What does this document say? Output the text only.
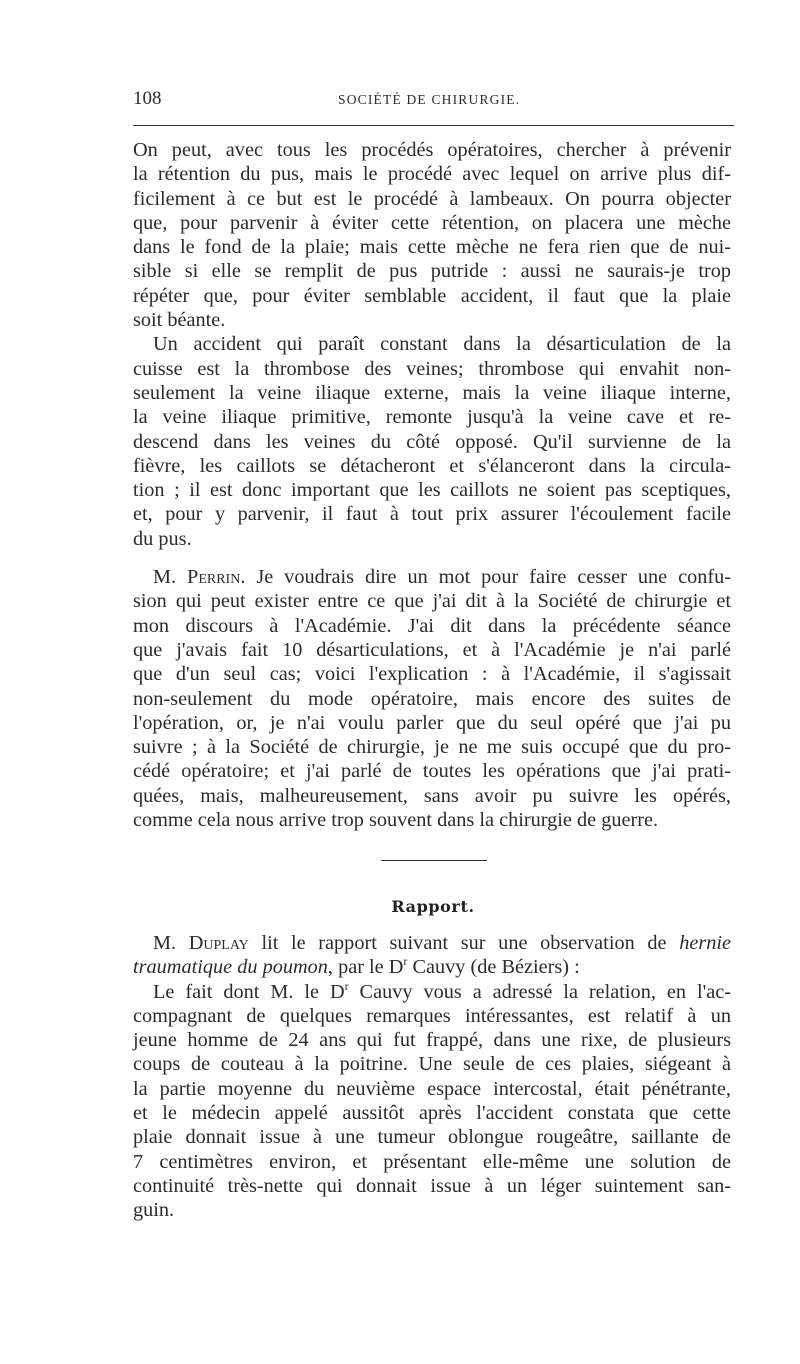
108	SOCIÉTÉ DE CHIRURGIE.
On peut, avec tous les procédés opératoires, chercher à prévenir
la rétention du pus, mais le procédé avec lequel on arrive plus dif-
ficilement à ce but est le procédé à lambeaux. On pourra objecter
que, pour parvenir à éviter cette rétention, on placera une mèche
dans le fond de la plaie; mais cette mèche ne fera rien que de nui-
sible si elle se remplit de pus putride : aussi ne saurais-je trop
répéter que, pour éviter semblable accident, il faut que la plaie
soit béante.
Un accident qui paraît constant dans la désarticulation de la
cuisse est la thrombose des veines; thrombose qui envahit non-
seulement la veine iliaque externe, mais la veine iliaque interne,
la veine iliaque primitive, remonte jusqu'à la veine cave et re-
descend dans les veines du côté opposé. Qu'il survienne de la
fièvre, les caillots se détacheront et s'élanceront dans la circula-
tion ; il est donc important que les caillots ne soient pas sceptiques,
et, pour y parvenir, il faut à tout prix assurer l'écoulement facile
du pus.
M. Perrin. Je voudrais dire un mot pour faire cesser une confu-
sion qui peut exister entre ce que j'ai dit à la Société de chirurgie et
mon discours à l'Académie. J'ai dit dans la précédente séance
que j'avais fait 10 désarticulations, et à l'Académie je n'ai parlé
que d'un seul cas; voici l'explication : à l'Académie, il s'agissait
non-seulement du mode opératoire, mais encore des suites de
l'opération, or, je n'ai voulu parler que du seul opéré que j'ai pu
suivre ; à la Société de chirurgie, je ne me suis occupé que du pro-
cédé opératoire; et j'ai parlé de toutes les opérations que j'ai prati-
quées, mais, malheureusement, sans avoir pu suivre les opérés,
comme cela nous arrive trop souvent dans la chirurgie de guerre.
Rapport.
M. Duplay lit le rapport suivant sur une observation de hernie
traumatique du poumon, par le $D^r$ Cauvy (de Béziers) :
Le fait dont M. le $D^r$ Cauvy vous a adressé la relation, en l'ac-
compagnant de quelques remarques intéressantes, est relatif à un
jeune homme de 24 ans qui fut frappé, dans une rixe, de plusieurs
coups de couteau à la poitrine. Une seule de ces plaies, siégeant à
la partie moyenne du neuvième espace intercostal, était pénétrante,
et le médecin appelé aussitôt après l'accident constata que cette
plaie donnait issue à une tumeur oblongue rougeâtre, saillante de
7 centimètres environ, et présentant elle-même une solution de
continuité très-nette qui donnait issue à un léger suintement san-
guin.
